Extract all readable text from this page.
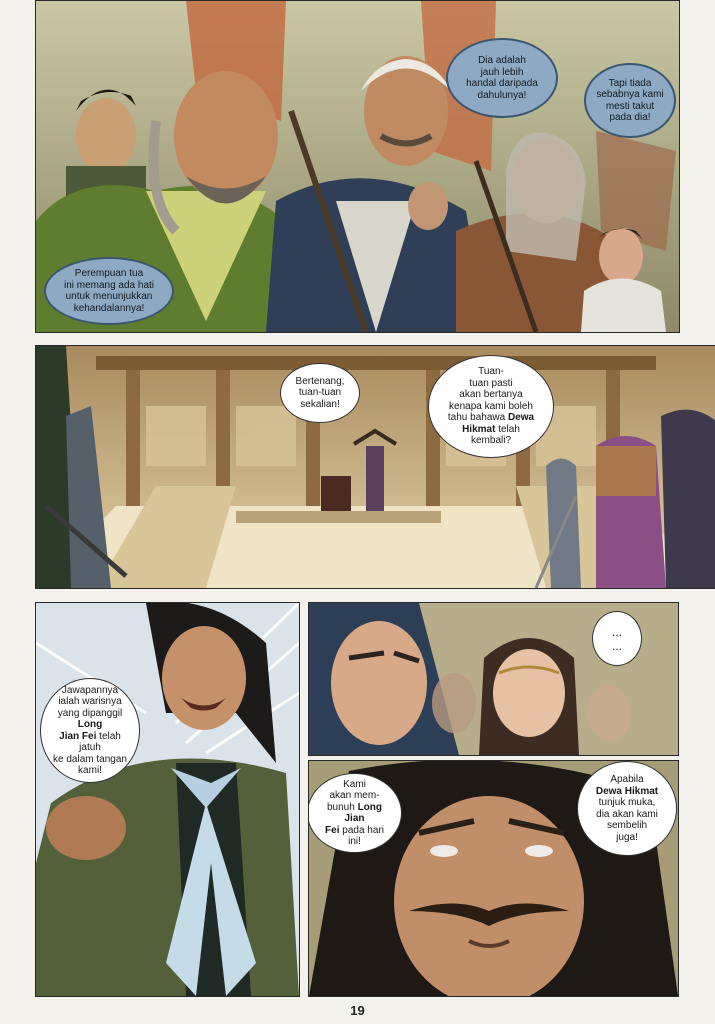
Dia adalah
jauh lebih
handal daripada
dahulunya!
Tapi tiada
sebabnya kami
mesti takut
pada dia!
Perempuan tua
ini memang ada hati
untuk menunjukkan
kehandalannya!
Bertenang,
tuan-tuan
sekalian!
Tuan-
tuan pasti
akan bertanya
kenapa kami boleh
tahu bahawa Dewa
Hikmat telah
kembali?
Jawapannya
ialah warisnya
yang dipanggil Long
Jian Fei telah jatuh
ke dalam tangan
kami!
...
...
Kami
akan mem-
bunuh Long Jian
Fei pada hari
ini!
Apabila
Dewa Hikmat
tunjuk muka,
dia akan kami
sembelih
juga!
19
